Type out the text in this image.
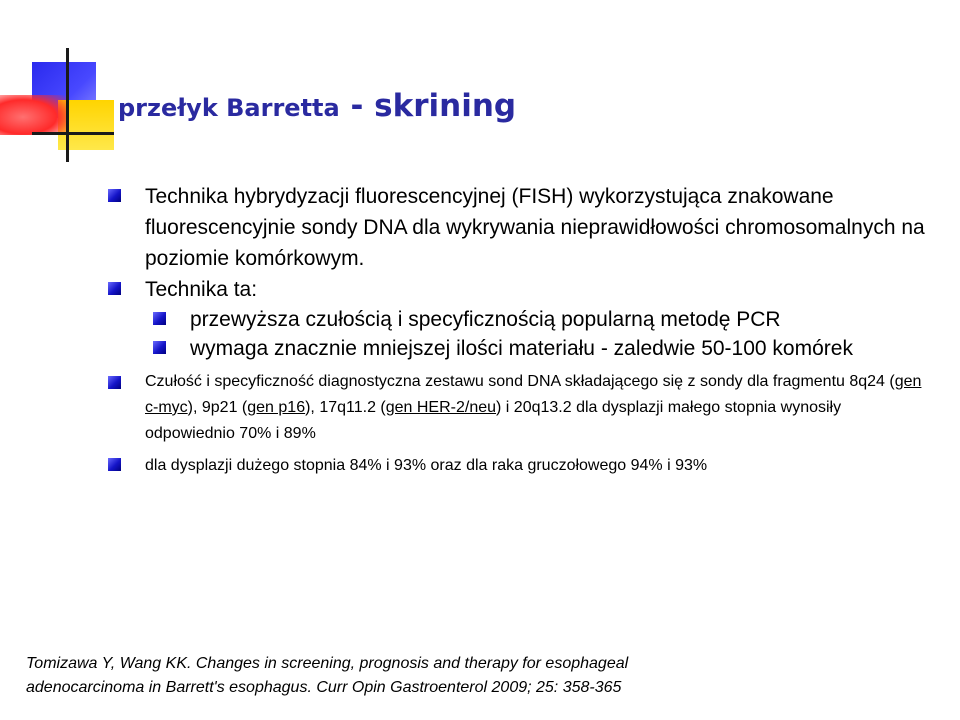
przełyk Barretta - skrining
Technika hybrydyzacji fluorescencyjnej (FISH) wykorzystująca znakowane fluorescencyjnie sondy DNA dla wykrywania nieprawidłowości chromosomalnych na poziomie komórkowym.
Technika ta:
przewyższa czułością i specyficznością popularną metodę PCR
wymaga znacznie mniejszej ilości materiału - zaledwie 50-100 komórek
Czułość i specyficzność diagnostyczna zestawu sond DNA składającego się z sondy dla fragmentu 8q24 (gen c-myc), 9p21 (gen p16), 17q11.2 (gen HER-2/neu) i 20q13.2 dla dysplazji małego stopnia wynosiły odpowiednio 70% i 89%
dla dysplazji dużego stopnia 84% i 93% oraz dla raka gruczołowego 94% i 93%
Tomizawa Y, Wang KK. Changes in screening, prognosis and therapy for esophageal
adenocarcinoma in Barrett's esophagus. Curr Opin Gastroenterol 2009; 25: 358-365
